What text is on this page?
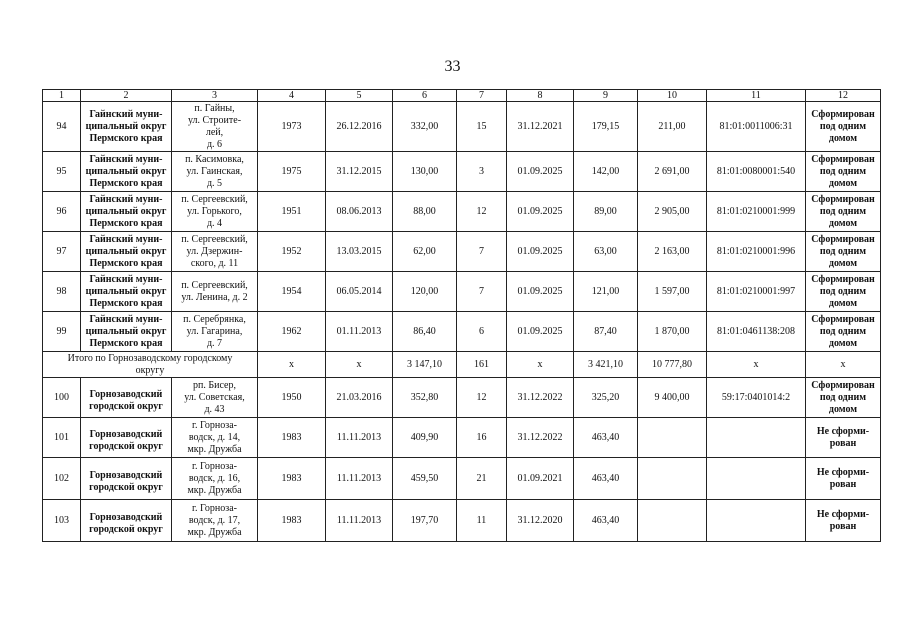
33
1	2	3	4	5	6	7	8	9	10	11	12

94	Гайнский муни-
ципальный округ
Пермского края	п. Гайны,
ул. Строите-
лей,
д. 6	1973	26.12.2016	332,00	15	31.12.2021	179,15	211,00	81:01:0011006:31	Сформирован
под одним
домом

95	Гайнский муни-
ципальный округ
Пермского края	п. Касимовка,
ул. Гаинская,
д. 5	1975	31.12.2015	130,00	3	01.09.2025	142,00	2 691,00	81:01:0080001:540	Сформирован
под одним
домом

96	Гайнский муни-
ципальный округ
Пермского края	п. Сергеевский,
ул. Горького,
д. 4	1951	08.06.2013	88,00	12	01.09.2025	89,00	2 905,00	81:01:0210001:999	Сформирован
под одним
домом

97	Гайнский муни-
ципальный округ
Пермского края	п. Сергеевский,
ул. Дзержин-
ского, д. 11	1952	13.03.2015	62,00	7	01.09.2025	63,00	2 163,00	81:01:0210001:996	Сформирован
под одним
домом

98	Гайнский муни-
ципальный округ
Пермского края	п. Сергеевский,
ул. Ленина, д. 2	1954	06.05.2014	120,00	7	01.09.2025	121,00	1 597,00	81:01:0210001:997	Сформирован
под одним
домом

99	Гайнский муни-
ципальный округ
Пермского края	п. Серебрянка,
ул. Гагарина,
д. 7	1962	01.11.2013	86,40	6	01.09.2025	87,40	1 870,00	81:01:0461138:208	Сформирован
под одним
домом

Итого по Горнозаводскому городскому
округу			x	x	3 147,10	161	x	3 421,10	10 777,80	x	x

100	Горнозаводский
городской округ	рп. Бисер,
ул. Советская,
д. 43	1950	21.03.2016	352,80	12	31.12.2022	325,20	9 400,00	59:17:0401014:2	Сформирован
под одним
домом

101	Горнозаводский
городской округ	г. Горноза-
водск, д. 14,
мкр. Дружба	1983	11.11.2013	409,90	16	31.12.2022	463,40			Не сформи-
рован

102	Горнозаводский
городской округ	г. Горноза-
водск, д. 16,
мкр. Дружба	1983	11.11.2013	459,50	21	01.09.2021	463,40			Не сформи-
рован

103	Горнозаводский
городской округ	г. Горноза-
водск, д. 17,
мкр. Дружба	1983	11.11.2013	197,70	11	31.12.2020	463,40			Не сформи-
рован
